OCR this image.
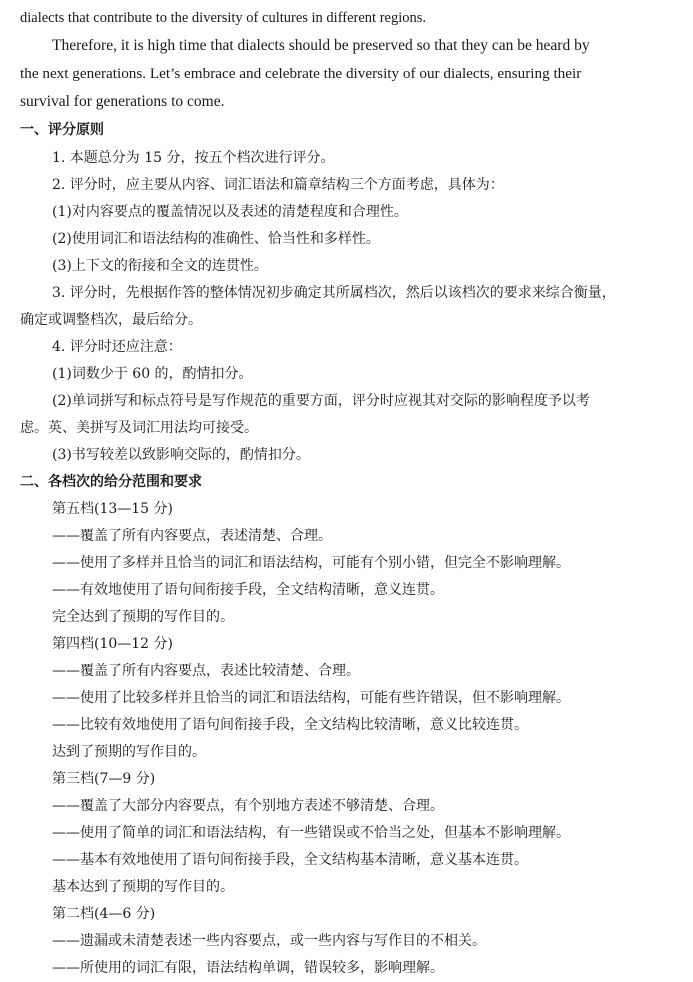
dialects that contribute to the diversity of cultures in different regions.
Therefore, it is high time that dialects should be preserved so that they can be heard by
the next generations. Let’s embrace and celebrate the diversity of our dialects, ensuring their
survival for generations to come.
一、评分原则
1. 本题总分为 15 分，按五个档次进行评分。
2. 评分时，应主要从内容、词汇语法和篇章结构三个方面考虑，具体为：
(1)对内容要点的覆盖情况以及表述的清楚程度和合理性。
(2)使用词汇和语法结构的准确性、恰当性和多样性。
(3)上下文的衔接和全文的连贯性。
3. 评分时，先根据作答的整体情况初步确定其所属档次，然后以该档次的要求来综合衡量，
确定或调整档次，最后给分。
4. 评分时还应注意：
(1)词数少于 60 的，酌情扣分。
(2)单词拼写和标点符号是写作规范的重要方面，评分时应视其对交际的影响程度予以考
虑。英、美拼写及词汇用法均可接受。
(3)书写较差以致影响交际的，酌情扣分。
二、各档次的给分范围和要求
第五档(13—15 分)
——覆盖了所有内容要点，表述清楚、合理。
——使用了多样并且恰当的词汇和语法结构，可能有个别小错，但完全不影响理解。
——有效地使用了语句间衔接手段，全文结构清晰，意义连贯。
完全达到了预期的写作目的。
第四档(10—12 分)
——覆盖了所有内容要点，表述比较清楚、合理。
——使用了比较多样并且恰当的词汇和语法结构，可能有些许错误，但不影响理解。
——比较有效地使用了语句间衔接手段，全文结构比较清晰，意义比较连贯。
达到了预期的写作目的。
第三档(7—9 分)
——覆盖了大部分内容要点，有个别地方表述不够清楚、合理。
——使用了简单的词汇和语法结构，有一些错误或不恰当之处，但基本不影响理解。
——基本有效地使用了语句间衔接手段，全文结构基本清晰，意义基本连贯。
基本达到了预期的写作目的。
第二档(4—6 分)
——遗漏或未清楚表述一些内容要点，或一些内容与写作目的不相关。
——所使用的词汇有限，语法结构单调，错误较多，影响理解。
